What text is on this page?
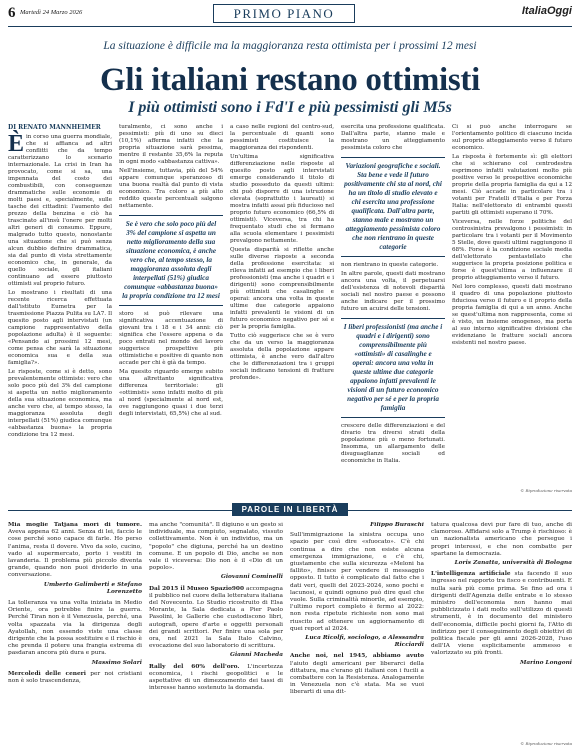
6 Martedì 24 Marzo 2026	PRIMO PIANO	ItaliaOggi
La situazione è difficile ma la maggioranza resta ottimista per i prossimi 12 mesi
Gli italiani restano ottimisti
I più ottimisti sono i Fd'I e più pessimisti gli M5s
DI RENATO MANNHEIMER
È in corso una guerra mondiale, che si affianca ad altri conflitti che da tempo caratterizzano lo scenario internazionale. La crisi in Iran ha provocato, come si sa, una impennata del costo dei combustibili, con conseguenze drammatiche sulle economie di molti paesi e, specialmente, sulle tasche dei cittadini: l'aumento del prezzo della benzina e ciò ha trascinato all'insù l'onere per molti altri generi di consumo. Eppure, malgrado tutto questo, nonostante una situazione che si può senza alcun dubbio definire drammatica, sia dal punto di vista strettamente economico che, in generale, da quello sociale, gli italiani continuano ad essere piuttosto ottimisti sul proprio futuro.

Lo mostrano i risultati di una recente ricerca effettuata dall'istituto Eumetra per la trasmissione Piazza Pulita su LA7. Il quesito posto agli intervistati (un campione rappresentativo della popolazione adulta) è il seguente: «Pensando ai prossimi 12 mesi, come pensa che sarà la situazione economica sua e della sua famiglia?».

Le risposte, come si è detto, sono prevalentemente ottimiste: vero che solo poco più del 3% del campione si aspetta un netto miglioramento della sua situazione economica, ma anche vero che, al tempo stesso, la maggioranza assoluta degli interpellati (51%) giudica comunque «abbastanza buona» la propria condizione tra 12 mesi.

turalmente, ci sono anche i pessimisti: più di uno su dieci (10,1%) afferma infatti che la propria situazione sarà pessima, mentre il restante 35,6% la reputa in ogni modo «abbastanza cattiva».

Nell'insieme, tuttavia, più del 54% appare comunque speranzoso di una buona realtà dal punto di vista economico. Tra coloro a più alto reddito queste percentuali salgono nettamente.

Se è vero che solo poco più del 3% del campione si aspetta un netto miglioramento della sua situazione economica, è anche vero che, al tempo stesso, la maggioranza assoluta degli interpellati (51%) giudica comunque «abbastanza buona» la propria condizione tra 12 mesi

storo si può rilevare una significativa accentuazione di giovani tra i 18 e i 34 anni: ciò significa che l'essere appena o da poco entrati nel mondo del lavoro suggerisce prospettive più ottimistiche e positive di quanto non accade per chi è già da tempo.

Ma quesito riguardo emerge subito una altrettanto significativa differenza territoriale: gli «ottimisti» sono infatti molto di più al nord (specialmente al nord est, ove raggiungono quasi i due terzi degli intervistati, 65,5%) che al sud.

a caso nelle regioni del centro-sud, la percentuale di quanti sono pessimisti costituisce la maggioranza dei rispondenti.

Un'ultima significativa differenziazione nelle risposte al quesito posto agli intervistati emerge considerando il titolo di studio posseduto da questi ultimi: chi può disporre di una istruzione elevata (soprattutto i laureati) si mostra infatti assai più fiducioso nel proprio futuro economico (66,5% di ottimisti). Viceversa, tra chi ha frequentato studi che si fermano alla scuola elementare i pessimisti prevalgono nettamente.

Questa disparità si riflette anche sulle diverse risposte a seconda della professione esercitata: si rileva infatti ad esempio che i liberi professionisti (ma anche i quadri e i dirigenti) sono comprensibilmente più ottimisti che casalinghe e operai: ancora una volta in queste ultime due categorie appaiono infatti prevalenti le visioni di un futuro economico negativo per sé e per la propria famiglia.

Tutto ciò suggerisce che se è vero che da un verso la maggioranza assoluta della popolazione appare ottimista, è anche vero dall'altro che le differenziazioni tra i gruppi sociali indicano tensioni di fratture profonde».

esercita una professione qualificata. Dall'altra parte, stanno male e mostrano un atteggiamento pessimista coloro che

Variazioni geografiche e sociali. Sta bene e vede il futuro positivamente chi sta al nord, chi ha un titolo di studio elevato e chi esercita una professione qualificata. Dall'altra parte, stanno male e mostrano un atteggiamento pessimista coloro che non rientrano in queste categorie

non rientrano in queste categorie.

In altre parole, questi dati mostrano ancora una volta, il perpetuarsi dell'esistenza di notevoli disparità sociali nel nostro paese e possono anche indicare per il prossimo futuro un acuirsi delle tensioni.

I liberi professionisti (ma anche i quadri e i dirigenti) sono comprensibilmente più «ottimisti» di casalinghe e operai: ancora una volta in queste ultime due categorie appaiono infatti prevalenti le visioni di un futuro economico negativo per sé e per la propria famiglia

crescere delle differenziazioni e del divario tra diversi strati della popolazione più o meno fortunati. Insomma, un allargamento delle disuguaglianze sociali ed economiche in Italia.

Ci si può anche interrogare se l'orientamento politico di ciascuno incida sul proprio atteggiamento verso il futuro economico.

La risposta è fortemente sì: gli elettori che si schierano col centrodestra esprimono infatti valutazioni molto più positive verso le prospettive economiche proprie della propria famiglia da qui a 12 mesi. Ciò accade in particolare tra i votanti per Fratelli d'Italia e per Forza Italia: nell'elettorato di entrambi questi partiti gli ottimisti superano il 70%.

Viceversa, nelle forze politiche del centrosinistra prevalgono i pessimisti: in particolare tra i votanti per il Movimento 5 Stelle, dove questi ultimi raggiungono il 68%. Forse è la condizione sociale media dell'elettorato pentastellato che suggerisce la propria posizione politica e forse è quest'ultima a influenzare il proprio atteggiamento verso il futuro.

Nel loro complesso, questi dati mostrano il quadro di una popolazione piuttosto fiduciosa verso il futuro e il proprio della propria famiglia di qui a un anno. Anche se quest'ultima non rappresenta, come si è visto, un insieme omogeneo, ma porta al suo interno significative divisioni che evidenziano le fratture sociali ancora esistenti nel nostro paese.

© Riproduzione riservata
PAROLE IN LIBERTÀ

Mia moglie Tatjana morì di tumore. Aveva appena 62 anni. Senza di lei, faccio le cose perché sono capace di farle. Ho perso l'anima, resta il dovere. Vivo da solo, cucino, vado al supermercato, porto i vestiti in lavanderia. Il problema più piccolo diventa grande, quando non puoi dividerlo in una conversazione.

Umberto Galimberti e Stefano Lorenzetto

La tolleranza va una volta iniziata in Medio Oriente, ora potrebbe finire la guerra. Perché Tiran non è il Venezuela, perché, una volta spazzata via la dirigenza degli Ayatollah, non essendo viste una classe dirigente che la possa sostituire e il rischio è che prenda il potere una frangia estrema di pasdaran ancora più dura e pura.

Massimo Solari

Mercoledì delle ceneri per noi cristiani non è solo trascendenza,

ma anche "comunità". Il digiuno e un gesto sì individuale, ma compiuto, segnalato, vissuto collettivamente. Non è un individuo, ma un "popolo" che digiuna, perché ha un destino comune. E un popolo di Dio, anche se non vale il viceversa: Dio non è il «Dio di un popolo».

Giovanni Cominelli

Dal 2015 il Museo Spazio900 accompagna il pubblico nel cuore della letteratura italiana del Novecento. Lo Studio ricostruito di Elsa Morante, la Sala dedicata a Pier Paolo Pasolini, le Gallerie che custodiscono libri, autografi, opere d'arte e oggetti personali dei grandi scrittori. Per finire una sola per ora, nel 2021 la Sala Italo Calvino, evocazione del suo laboratorio di scrittura.

Gianni Macheda

Rally del 60% dell'oro. L'incertezza economica, i rischi geopolitici e le aspettative di un dimezzamento dei tassi di interesse hanno sostenuto la domanda.

Filippo Buraschi

Sull'immigrazione la sinistra occupa uno spazio per così dire «sfuocato». C'è chi continua a dire che non esiste alcuna emergenza immigrazione, e c'è chi, giustamente che sulla sicurezza «Meloni ha fallito», finisce per vendere il messaggio opposto. Il tutto è complicato dal fatto che i dati veri, quelli del 2023-2024, sono pochi e lacunosi, e quindi ognuno può dire quel che vuole. Sulla criminalità minorile, ad esempio, l'ultimo report completo è fermo al 2022: non resta ripetute richieste non sono mai riuscito ad ottenere un aggiornamento di quei report al 2024.

Luca Ricolfi, sociologo, a Alessandra Ricciardi

Anche noi, nel 1945, abbiamo avuto l'aiuto degli americani per liberarci della dittatura, ma c'erano gli italiani con i fucili a combattere con la Resistenza. Analogamente in Venezuela non c'è stata. Ma se vuoi liberarti di una dit-

tatura qualcosa devi pur fare di tuo, anche di clamoroso. Affidarsi solo a Trump è rischioso: è un nazionalista americano che persegue i propri interessi, e che non combatte per spartane la democrazia.

Loris Zanatta, università di Bologna

L'intelligenza artificiale sta facendo il suo ingresso nel rapporto tra fisco e contribuenti. E nulla sarà più come prima. Se fino ad ora i dirigenti dell'Agenzia delle entrate e lo stesso ministro dell'economia non hanno mai pubblicizzato i dati molto sull'utilizzo di questi strumenti, è in documento del ministero dell'economia, difficile pochi giorni fa, l'Atto di indirizzo per il conseguimento degli obiettivi di politica fiscale per gli anni 2026-2028, l'uso dell'IA viene esplicitamente ammesso e valorizzato su più fronti.

Marino Longoni

© Riproduzione riservata
